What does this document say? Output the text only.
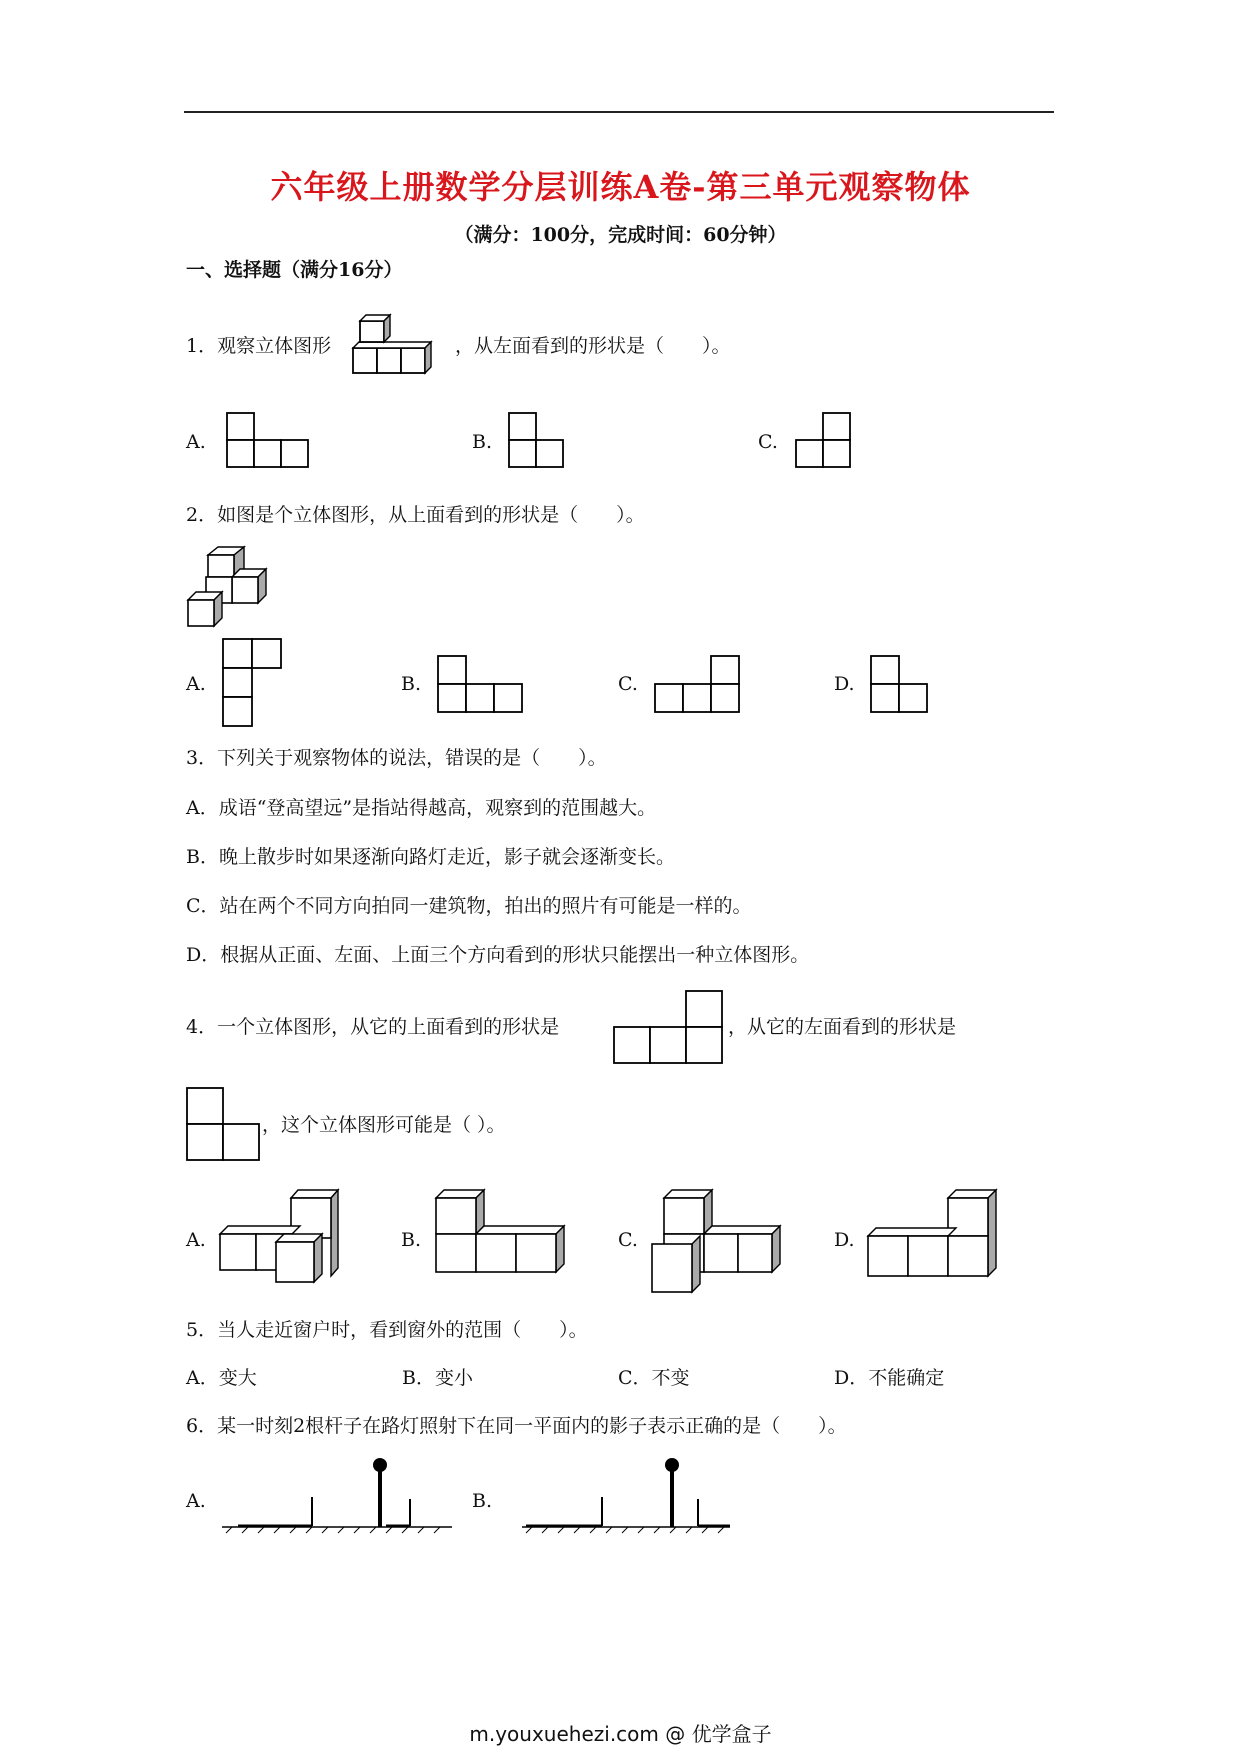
六年级上册数学分层训练A卷-第三单元观察物体
（满分：100分，完成时间：60分钟）
一、选择题（满分16分）
1．观察立体图形	，从左面看到的形状是（　　）。
A.	B.	C.
2．如图是个立体图形，从上面看到的形状是（　　）。
A.	B.	C.	D.
3．下列关于观察物体的说法，错误的是（　　）。
A．成语“登高望远”是指站得越高，观察到的范围越大。
B．晚上散步时如果逐渐向路灯走近，影子就会逐渐变长。
C．站在两个不同方向拍同一建筑物，拍出的照片有可能是一样的。
D．根据从正面、左面、上面三个方向看到的形状只能摆出一种立体图形。
4．一个立体图形，从它的上面看到的形状是	，从它的左面看到的形状是
，这个立体图形可能是（ ）。
A.	B.	C.	D.
5．当人走近窗户时，看到窗外的范围（　　）。
A．变大	B．变小	C．不变	D．不能确定
6．某一时刻2根杆子在路灯照射下在同一平面内的影子表示正确的是（　　）。
A.	B.
m.youxuehezi.com @ 优学盒子
